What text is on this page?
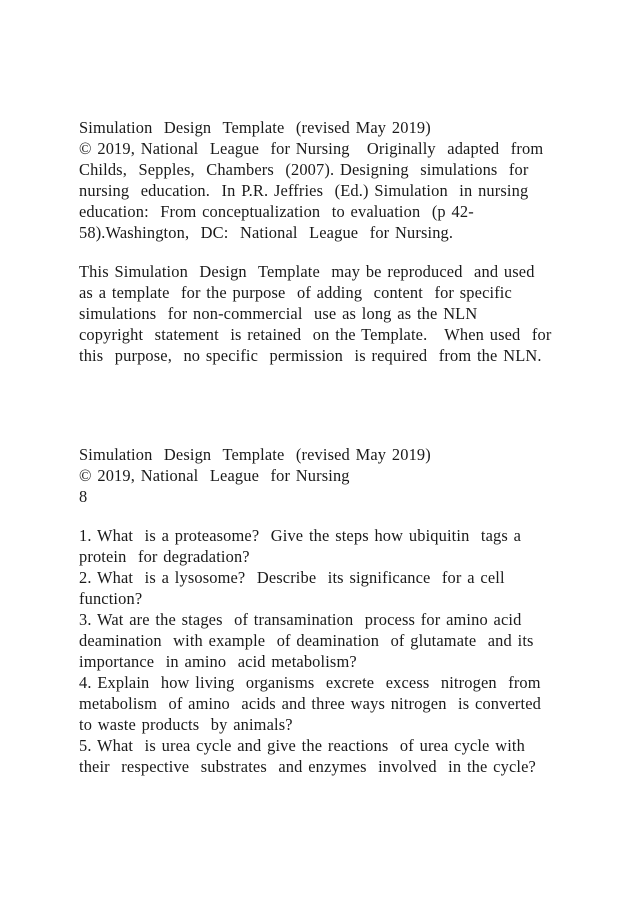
Simulation  Design  Template  (revised May 2019)
© 2019, National  League  for Nursing   Originally  adapted  from
Childs,  Sepples,  Chambers  (2007). Designing  simulations  for
nursing  education.  In P.R. Jeffries  (Ed.) Simulation  in nursing
education:  From conceptualization  to evaluation  (p 42-
58).Washington,  DC:  National  League  for Nursing.
This Simulation  Design  Template  may be reproduced  and used
as a template  for the purpose  of adding  content  for specific
simulations  for non-commercial  use as long as the NLN
copyright  statement  is retained  on the Template.   When used  for
this  purpose,  no specific  permission  is required  from the NLN.
Simulation  Design  Template  (revised May 2019)
© 2019, National  League  for Nursing
8
1. What  is a proteasome?  Give the steps how ubiquitin  tags a
protein  for degradation?
2. What  is a lysosome?  Describe  its significance  for a cell
function?
3. Wat are the stages  of transamination  process for amino acid
deamination  with example  of deamination  of glutamate  and its
importance  in amino  acid metabolism?
4. Explain  how living  organisms  excrete  excess  nitrogen  from
metabolism  of amino  acids and three ways nitrogen  is converted
to waste products  by animals?
5. What  is urea cycle and give the reactions  of urea cycle with
their  respective  substrates  and enzymes  involved  in the cycle?
